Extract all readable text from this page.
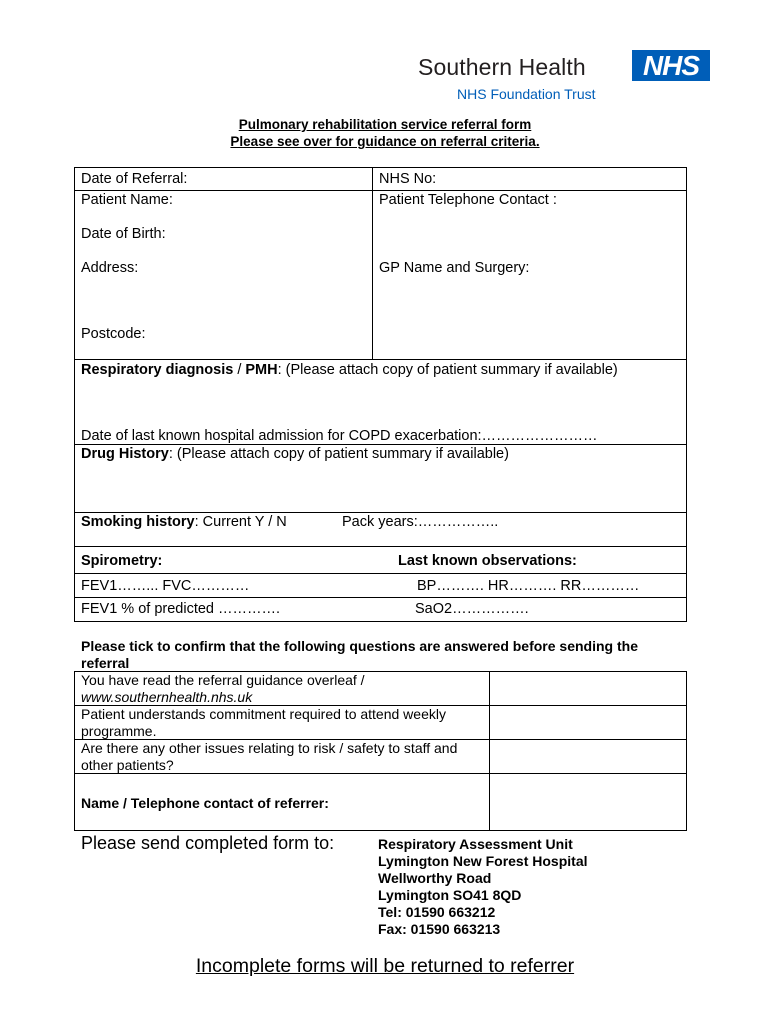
Southern Health	NHS
NHS Foundation Trust
Pulmonary rehabilitation service referral form
Please see over for guidance on referral criteria.
Date of Referral:	NHS No:
Patient Name:	Patient Telephone Contact :
Date of Birth:
Address:	GP Name and Surgery:
Postcode:
Respiratory diagnosis / PMH: (Please attach copy of patient summary if available)
Date of last known hospital admission for COPD exacerbation:……………………
Drug History: (Please attach copy of patient summary if available)
Smoking history: Current Y / N	Pack years:……………..
Spirometry:	Last known observations:
FEV1……... FVC…………	BP………. HR………. RR…………
FEV1 % of predicted ………….	SaO2…………….
Please tick to confirm that the following questions are answered before sending the referral
You have read the referral guidance overleaf /
www.southernhealth.nhs.uk
Patient understands commitment required to attend weekly programme.
Are there any other issues relating to risk / safety to staff and other patients?
Name / Telephone contact of referrer:
Please send completed form to:	Respiratory Assessment Unit
Lymington New Forest Hospital
Wellworthy Road
Lymington SO41 8QD
Tel: 01590 663212
Fax: 01590 663213
Incomplete forms will be returned to referrer
